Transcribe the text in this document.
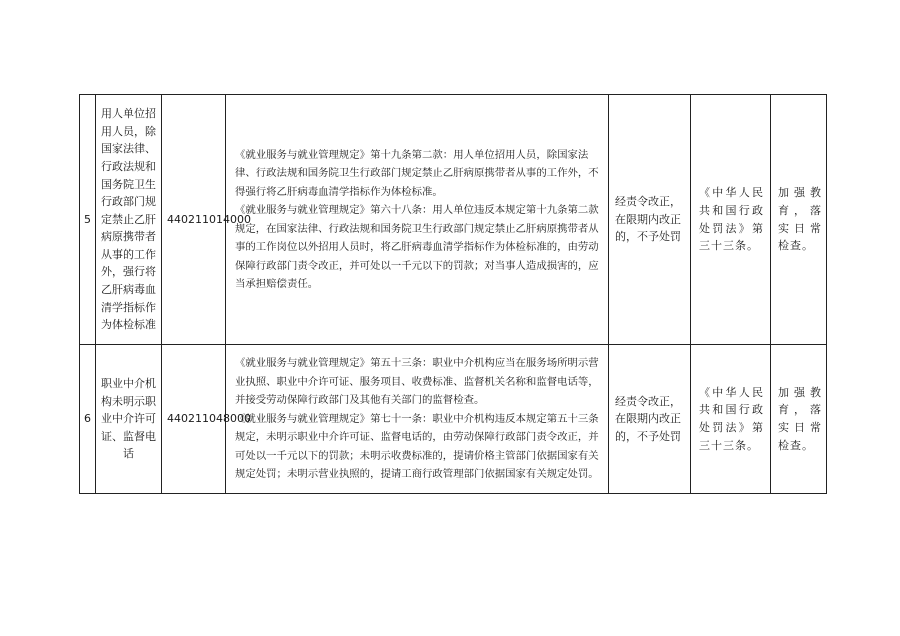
5	用人单位招用人员，除国家法律、行政法规和国务院卫生行政部门规定禁止乙肝病原携带者从事的工作外，强行将乙肝病毒血清学指标作为体检标准	440211014000	《就业服务与就业管理规定》第十九条第二款：用人单位招用人员，除国家法律、行政法规和国务院卫生行政部门规定禁止乙肝病原携带者从事的工作外，不得强行将乙肝病毒血清学指标作为体检标准。

《就业服务与就业管理规定》第六十八条：用人单位违反本规定第十九条第二款规定，在国家法律、行政法规和国务院卫生行政部门规定禁止乙肝病原携带者从事的工作岗位以外招用人员时，将乙肝病毒血清学指标作为体检标准的，由劳动保障行政部门责令改正，并可处以一千元以下的罚款；对当事人造成损害的，应当承担赔偿责任。	经责令改正，在限期内改正的，不予处罚	《中华人民共和国行政处罚法》第三十三条。	加强教育，落实日常检查。
6	职业中介机构未明示职业中介许可证、监督电话	440211048000	《就业服务与就业管理规定》第五十三条：职业中介机构应当在服务场所明示营业执照、职业中介许可证、服务项目、收费标准、监督机关名称和监督电话等，并接受劳动保障行政部门及其他有关部门的监督检查。

《就业服务与就业管理规定》第七十一条：职业中介机构违反本规定第五十三条规定，未明示职业中介许可证、监督电话的，由劳动保障行政部门责令改正，并可处以一千元以下的罚款；未明示收费标准的，提请价格主管部门依据国家有关规定处罚；未明示营业执照的，提请工商行政管理部门依据国家有关规定处罚。	经责令改正，在限期内改正的，不予处罚	《中华人民共和国行政处罚法》第三十三条。	加强教育，落实日常检查。
